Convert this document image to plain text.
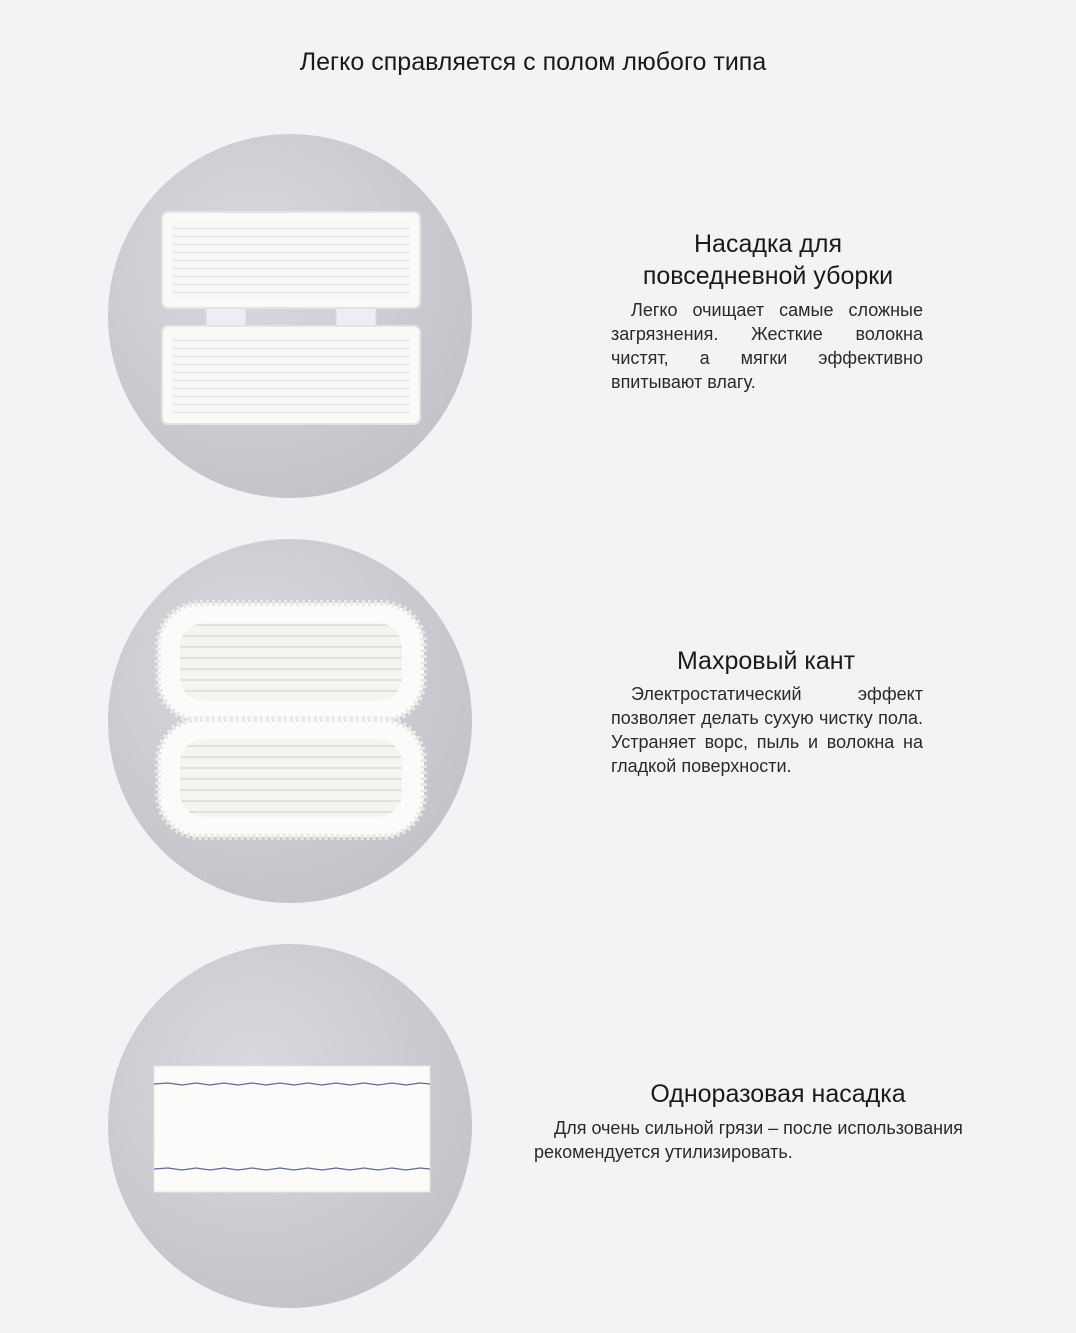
Легко справляется с полом любого типа
Насадка для
повседневной уборки

Легко очищает самые сложные загрязнения. Жесткие волокна чистят, а мягки эффективно впитывают влагу.

Махровый кант

Электростатический эффект позволяет делать сухую чистку пола. Устраняет ворс, пыль и волокна на гладкой поверхности.

Одноразовая насадка

Для очень сильной грязи – после использования рекомендуется утилизировать.
